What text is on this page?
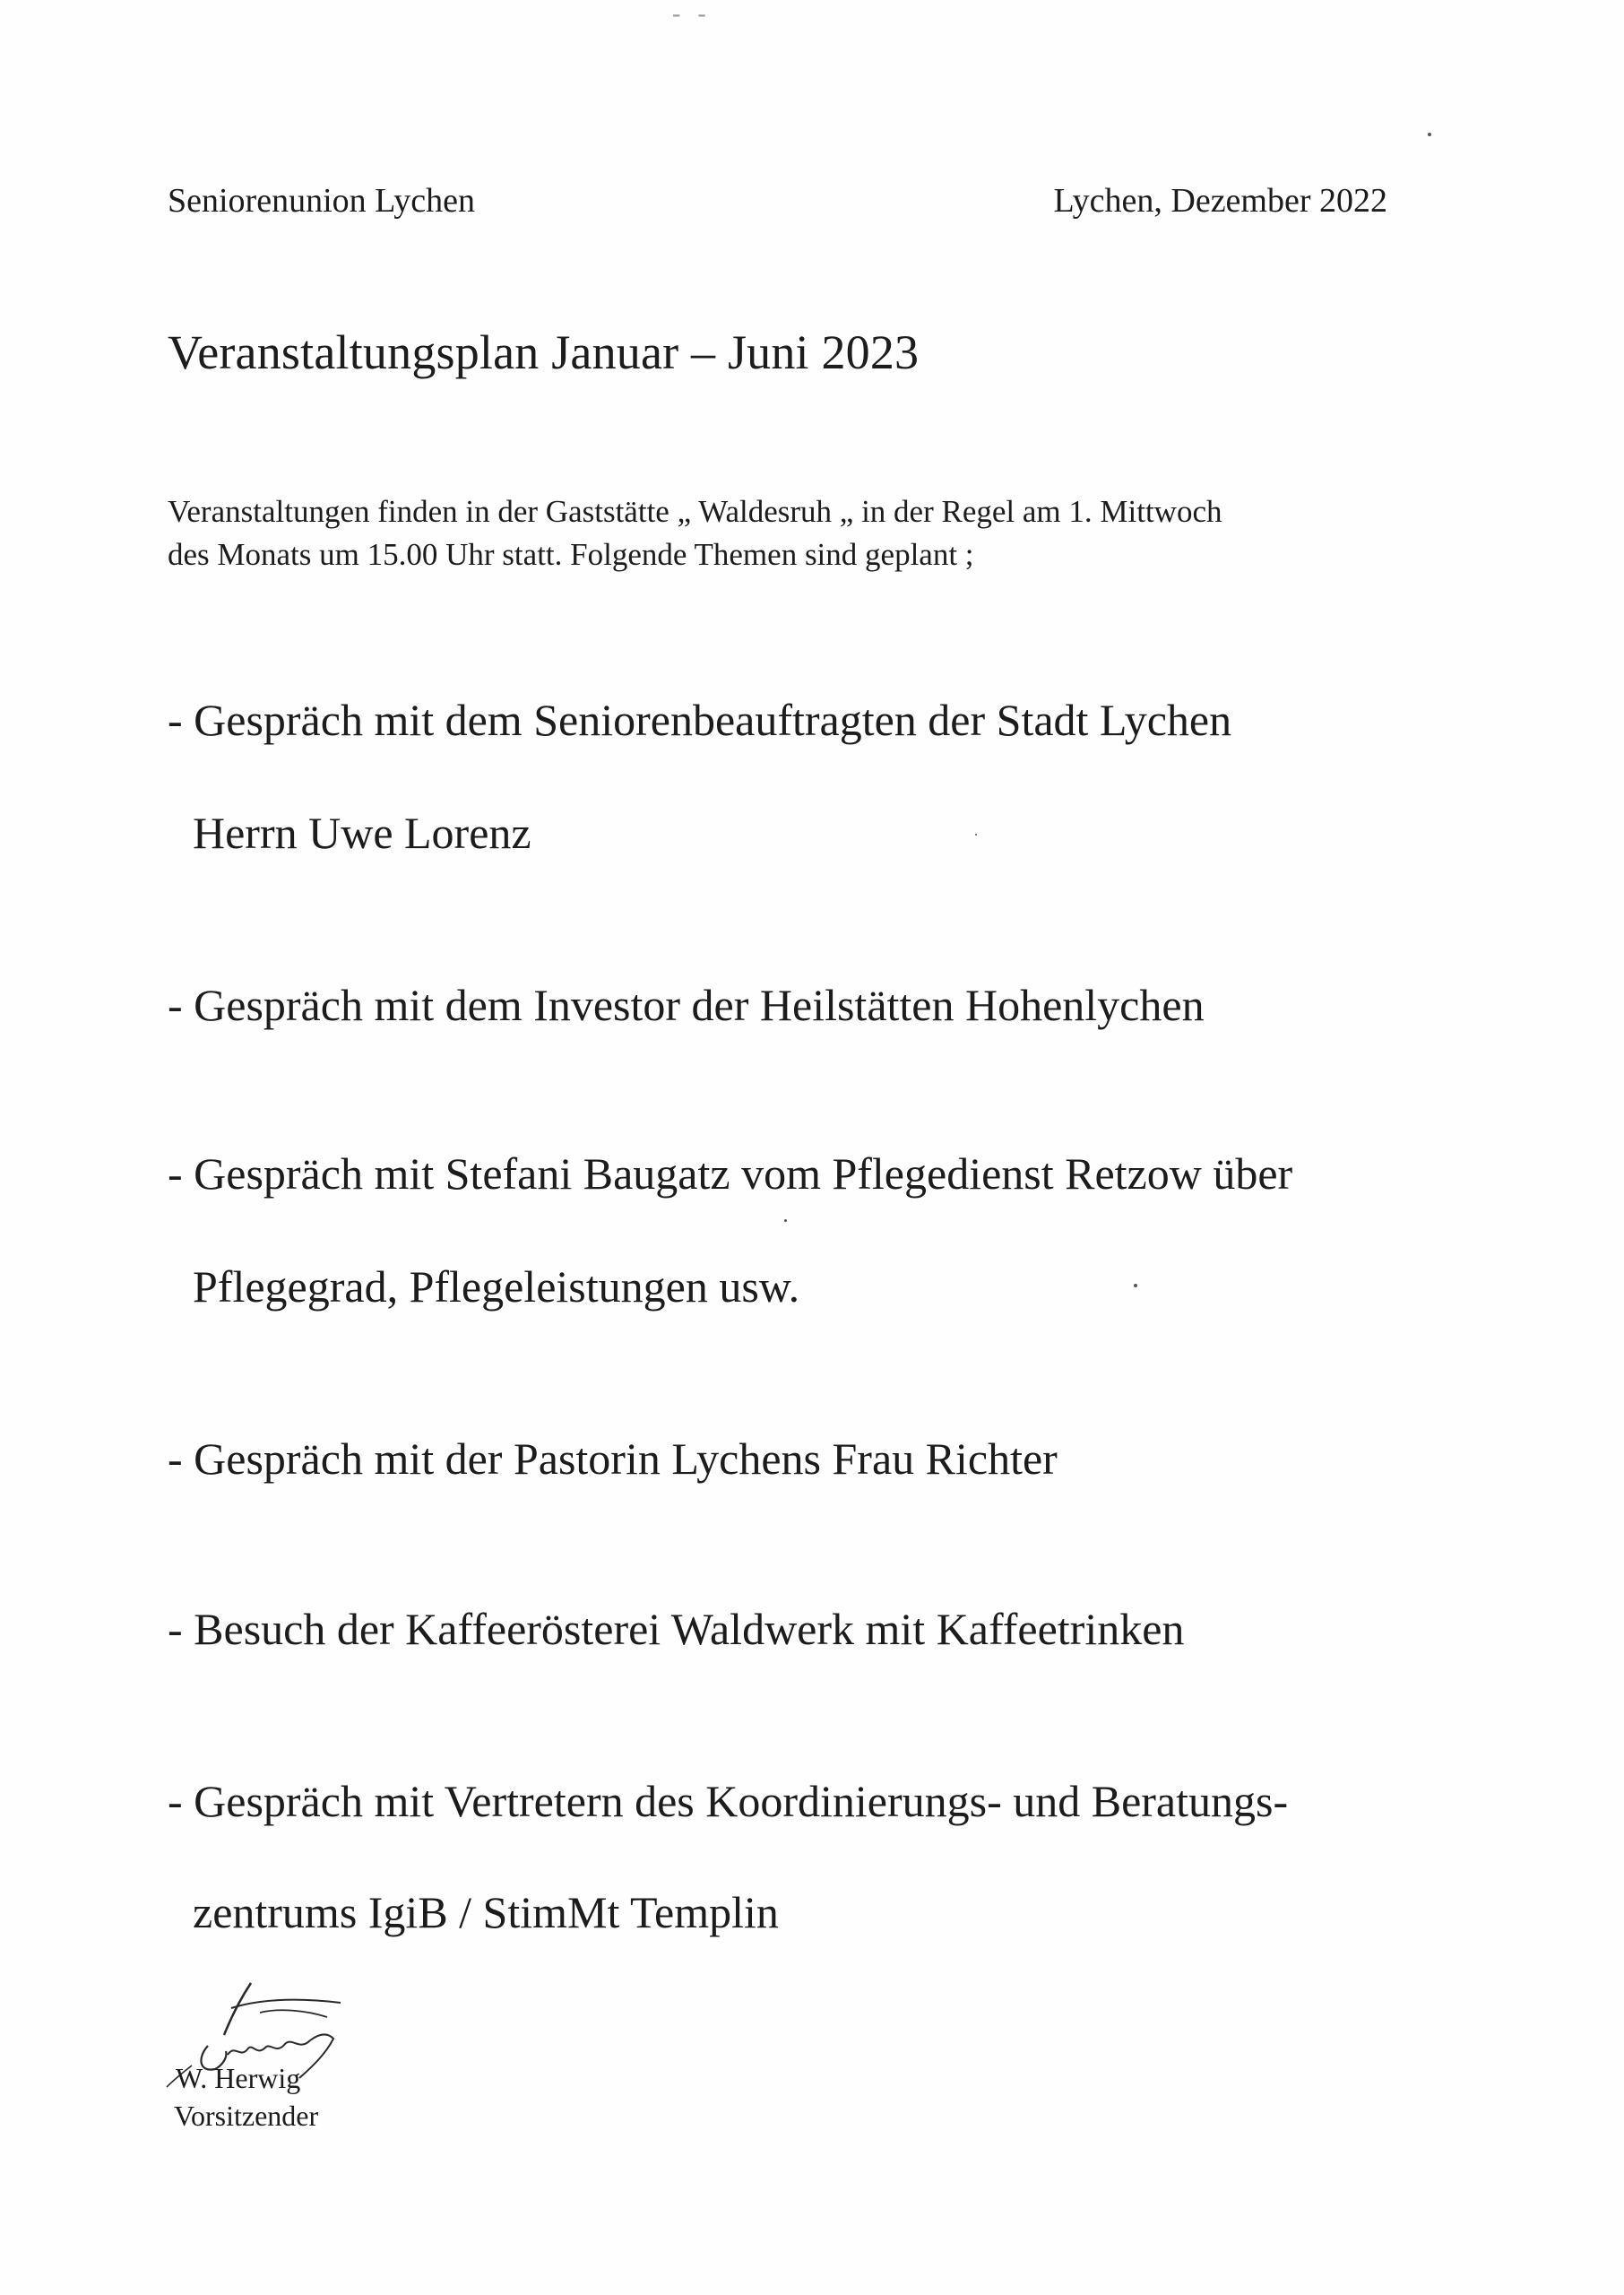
- -
Seniorenunion Lychen	Lychen, Dezember 2022
Veranstaltungsplan Januar – Juni 2023
Veranstaltungen finden in der Gaststätte „ Waldesruh „ in der Regel am 1. Mittwoch
des Monats um 15.00 Uhr statt. Folgende Themen sind geplant ;
- Gespräch mit dem Seniorenbeauftragten der Stadt Lychen
Herrn Uwe Lorenz
- Gespräch mit dem Investor der Heilstätten Hohenlychen
- Gespräch mit Stefani Baugatz vom Pflegedienst Retzow über
Pflegegrad, Pflegeleistungen usw.
- Gespräch mit der Pastorin Lychens Frau Richter
- Besuch der Kaffeerösterei Waldwerk mit Kaffeetrinken
- Gespräch mit Vertretern des Koordinierungs- und Beratungs-
zentrums IgiB / StimMt Templin
W. Herwig
Vorsitzender
